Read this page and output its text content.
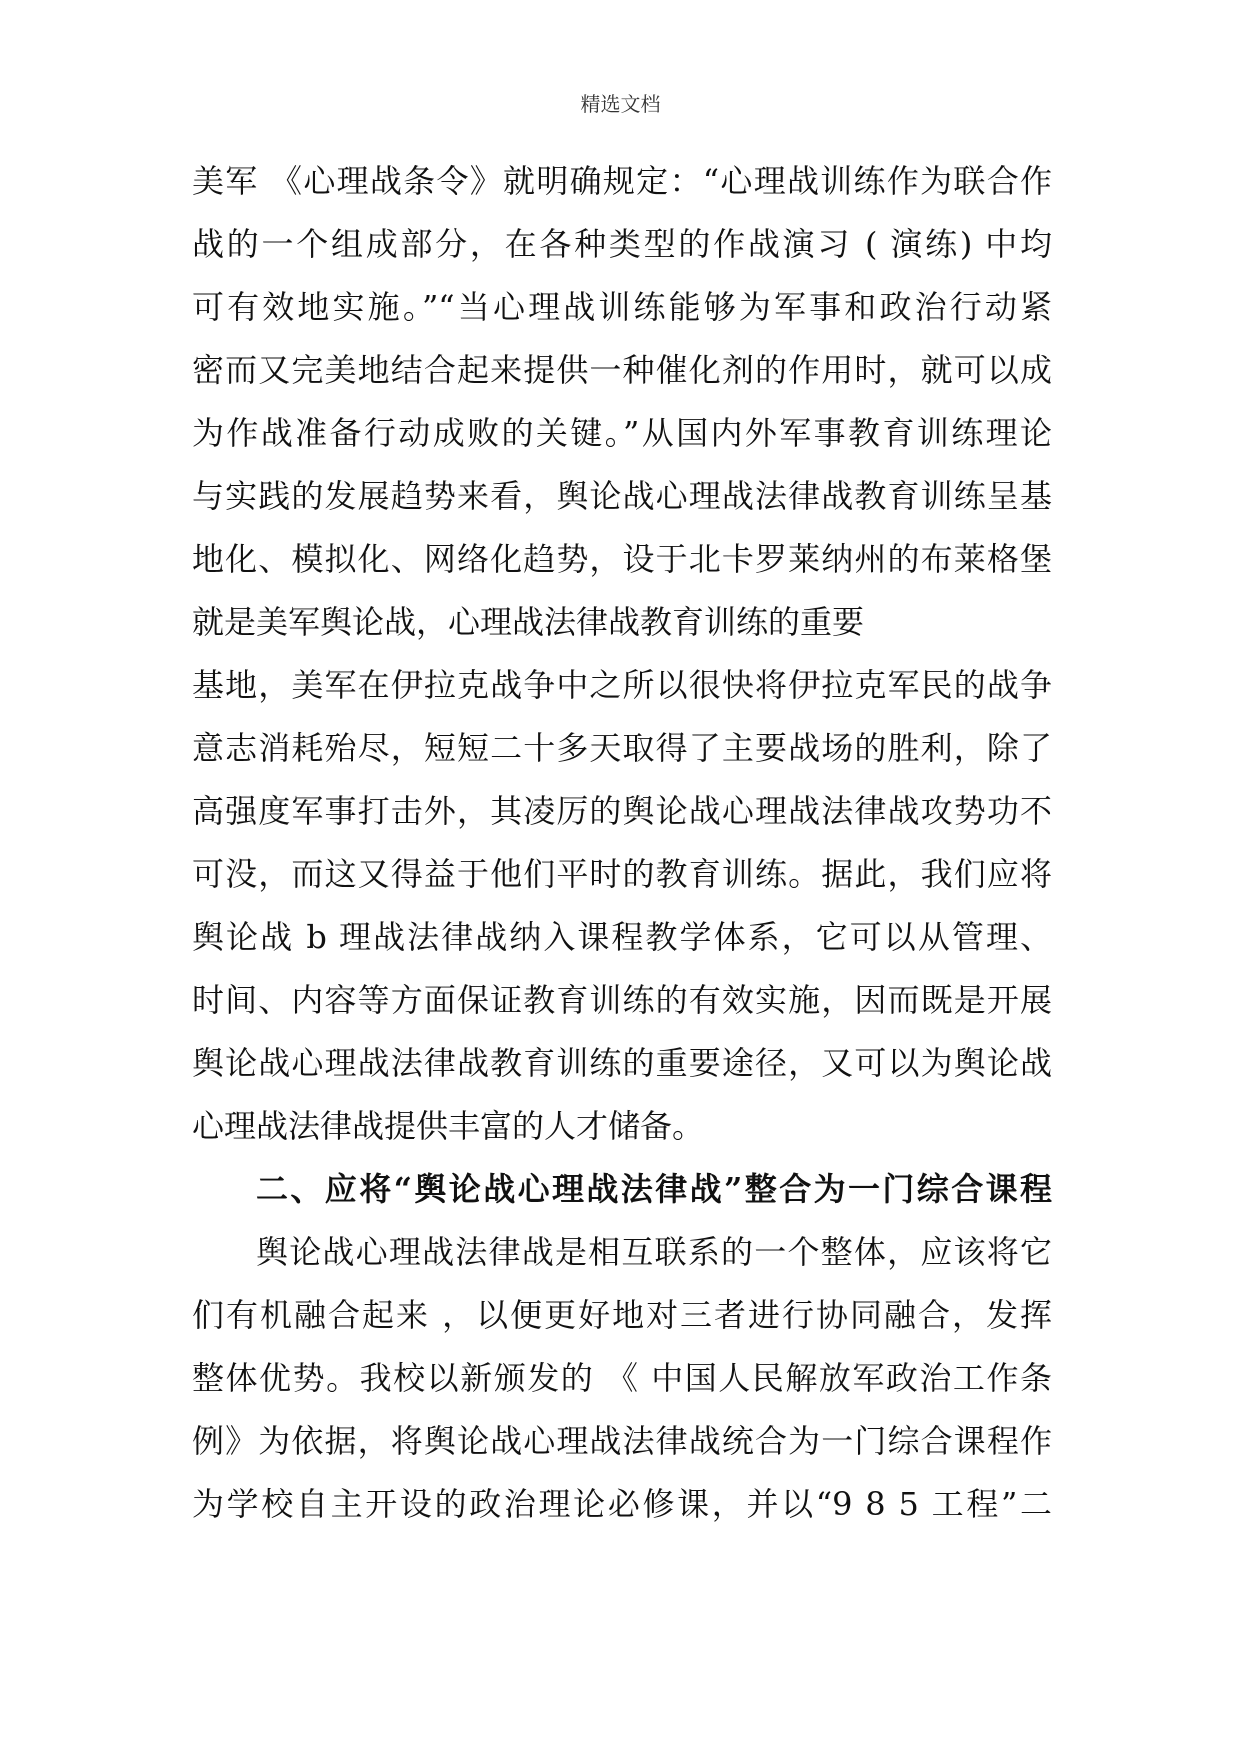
精选文档
美军 《心理战条令》就明确规定：“心理战训练作为联合作
战的一个组成部分，在各种类型的作战演习 ( 演练) 中均
可有效地实施。”“当心理战训练能够为军事和政治行动紧
密而又完美地结合起来提供一种催化剂的作用时，就可以成
为作战准备行动成败的关键。”从国内外军事教育训练理论
与实践的发展趋势来看，舆论战心理战法律战教育训练呈基
地化、模拟化、网络化趋势，设于北卡罗莱纳州的布莱格堡
就是美军舆论战，心理战法律战教育训练的重要
基地，美军在伊拉克战争中之所以很快将伊拉克军民的战争
意志消耗殆尽，短短二十多天取得了主要战场的胜利，除了
高强度军事打击外，其凌厉的舆论战心理战法律战攻势功不
可没，而这又得益于他们平时的教育训练。据此，我们应将
舆论战 b 理战法律战纳入课程教学体系，它可以从管理、
时间、内容等方面保证教育训练的有效实施，因而既是开展
舆论战心理战法律战教育训练的重要途径，又可以为舆论战
心理战法律战提供丰富的人才储备。
二、应将“舆论战心理战法律战”整合为一门综合课程
舆论战心理战法律战是相互联系的一个整体，应该将它
们有机融合起来 ，以便更好地对三者进行协同融合，发挥
整体优势。我校以新颁发的 《 中国人民解放军政治工作条
例》为依据，将舆论战心理战法律战统合为一门综合课程作
为学校自主开设的政治理论必修课，并以“9 8 5 工程”二
